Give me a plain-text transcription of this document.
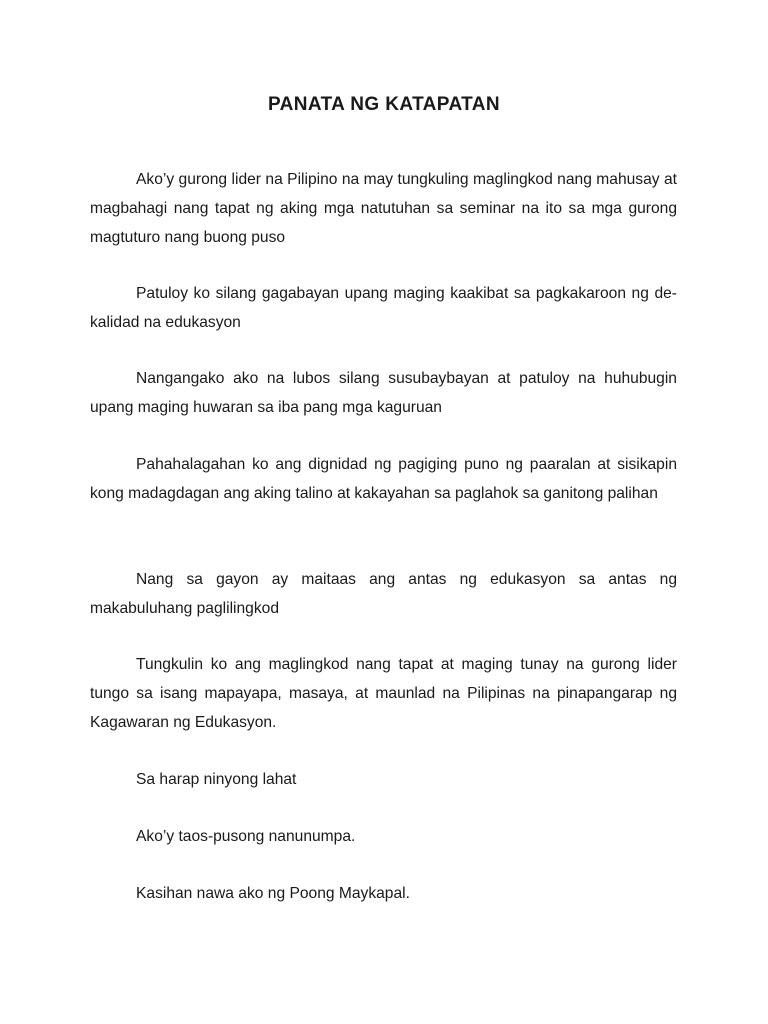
PANATA NG KATAPATAN
Ako’y gurong lider na Pilipino na may tungkuling maglingkod nang mahusay at magbahagi nang tapat ng aking mga natutuhan sa seminar na ito sa mga gurong magtuturo nang buong puso
Patuloy ko silang gagabayan upang maging kaakibat sa pagkakaroon ng de-kalidad na edukasyon
Nangangako ako na lubos silang susubaybayan at patuloy na huhubugin upang maging huwaran sa iba pang mga kaguruan
Pahahalagahan ko ang dignidad ng pagiging puno ng paaralan at sisikapin kong madagdagan ang aking talino at kakayahan sa paglahok sa ganitong palihan
Nang sa gayon ay maitaas ang antas ng edukasyon sa antas ng makabuluhang paglilingkod
Tungkulin ko ang maglingkod nang tapat at maging tunay na gurong lider tungo sa isang mapayapa, masaya, at maunlad na Pilipinas na pinapangarap ng Kagawaran ng Edukasyon.
Sa harap ninyong lahat
Ako’y taos-pusong nanunumpa.
Kasihan nawa ako ng Poong Maykapal.
